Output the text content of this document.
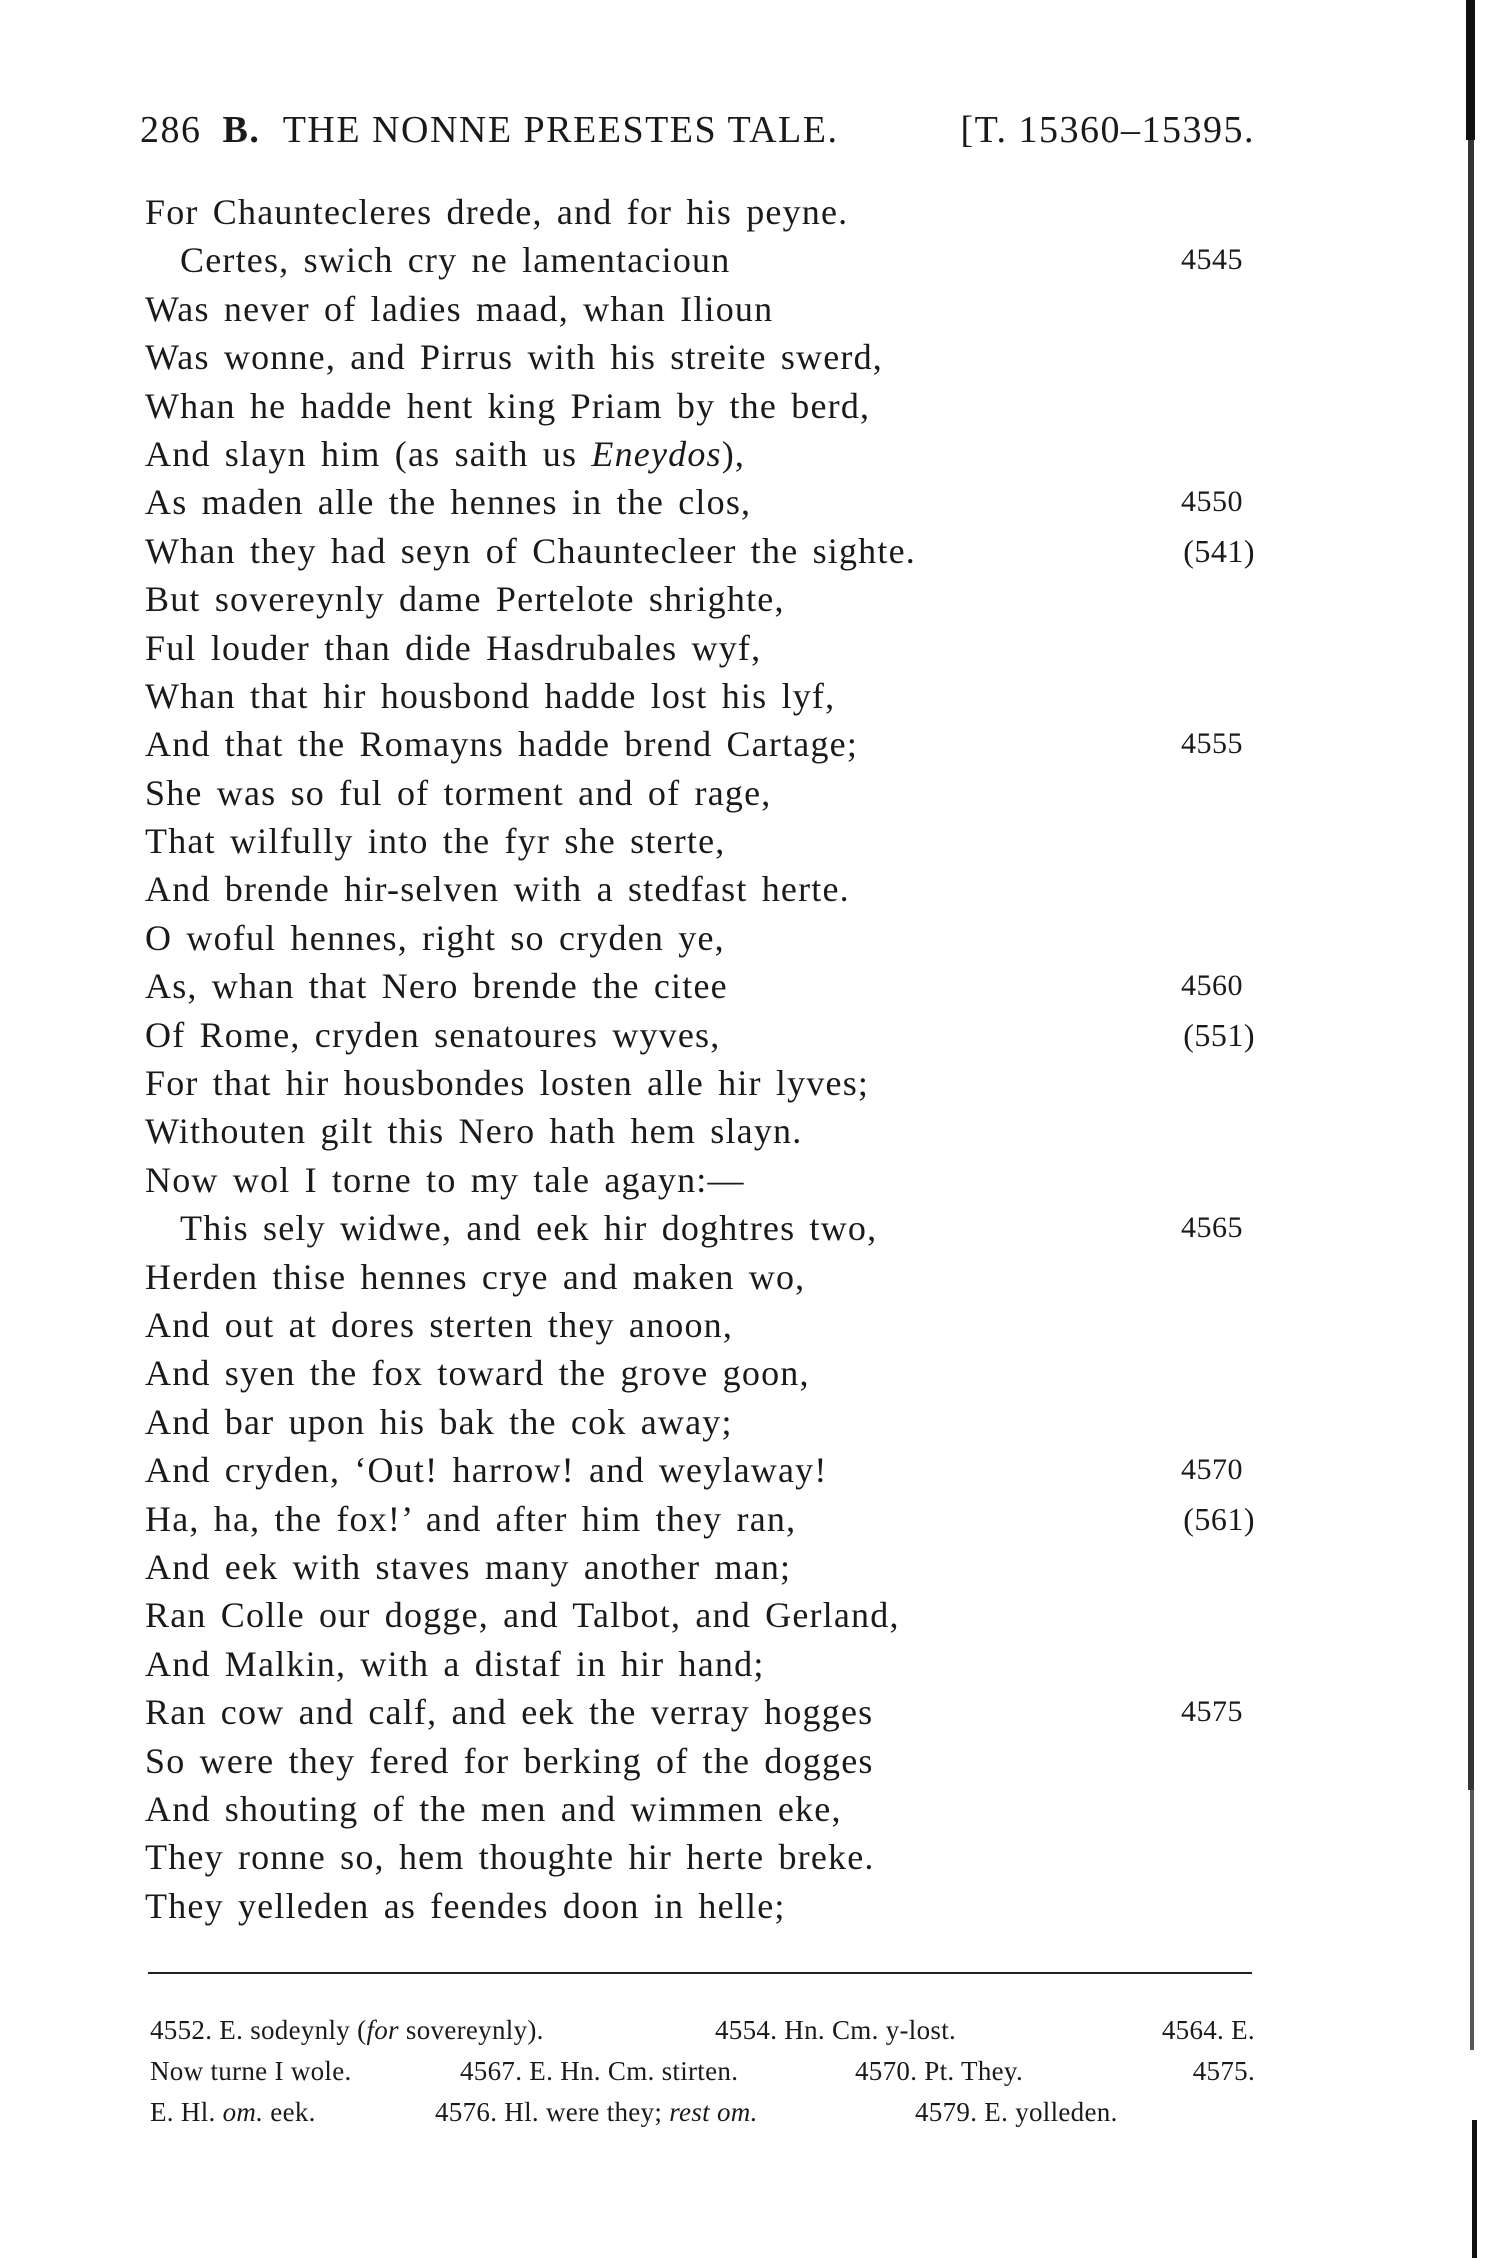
286 B. THE NONNE PREESTES TALE.	[T. 15360–15395.
For Chauntecleres drede, and for his peyne.
Certes, swich cry ne lamentacioun	4545
Was never of ladies maad, whan Ilioun
Was wonne, and Pirrus with his streite swerd,
Whan he hadde hent king Priam by the berd,
And slayn him (as saith us Eneydos),
As maden alle the hennes in the clos,	4550
Whan they had seyn of Chauntecleer the sighte.	(541)
But sovereynly dame Pertelote shrighte,
Ful louder than dide Hasdrubales wyf,
Whan that hir housbond hadde lost his lyf,
And that the Romayns hadde brend Cartage;	4555
She was so ful of torment and of rage,
That wilfully into the fyr she sterte,
And brende hir-selven with a stedfast herte.
O woful hennes, right so cryden ye,
As, whan that Nero brende the citee	4560
Of Rome, cryden senatoures wyves,	(551)
For that hir housbondes losten alle hir lyves;
Withouten gilt this Nero hath hem slayn.
Now wol I torne to my tale agayn:—
This sely widwe, and eek hir doghtres two,	4565
Herden thise hennes crye and maken wo,
And out at dores sterten they anoon,
And syen the fox toward the grove goon,
And bar upon his bak the cok away;
And cryden, ‘Out! harrow! and weylaway!	4570
Ha, ha, the fox!’ and after him they ran,	(561)
And eek with staves many another man;
Ran Colle our dogge, and Talbot, and Gerland,
And Malkin, with a distaf in hir hand;
Ran cow and calf, and eek the verray hogges	4575
So were they fered for berking of the dogges
And shouting of the men and wimmen eke,
They ronne so, hem thoughte hir herte breke.
They yelleden as feendes doon in helle;
4552. E. sodeynly (for sovereynly).	4554. Hn. Cm. y-lost.	4564. E.
Now turne I wole.	4567. E. Hn. Cm. stirten.	4570. Pt. They.	4575.
E. Hl. om. eek.	4576. Hl. were they; rest om.	4579. E. yolleden.
